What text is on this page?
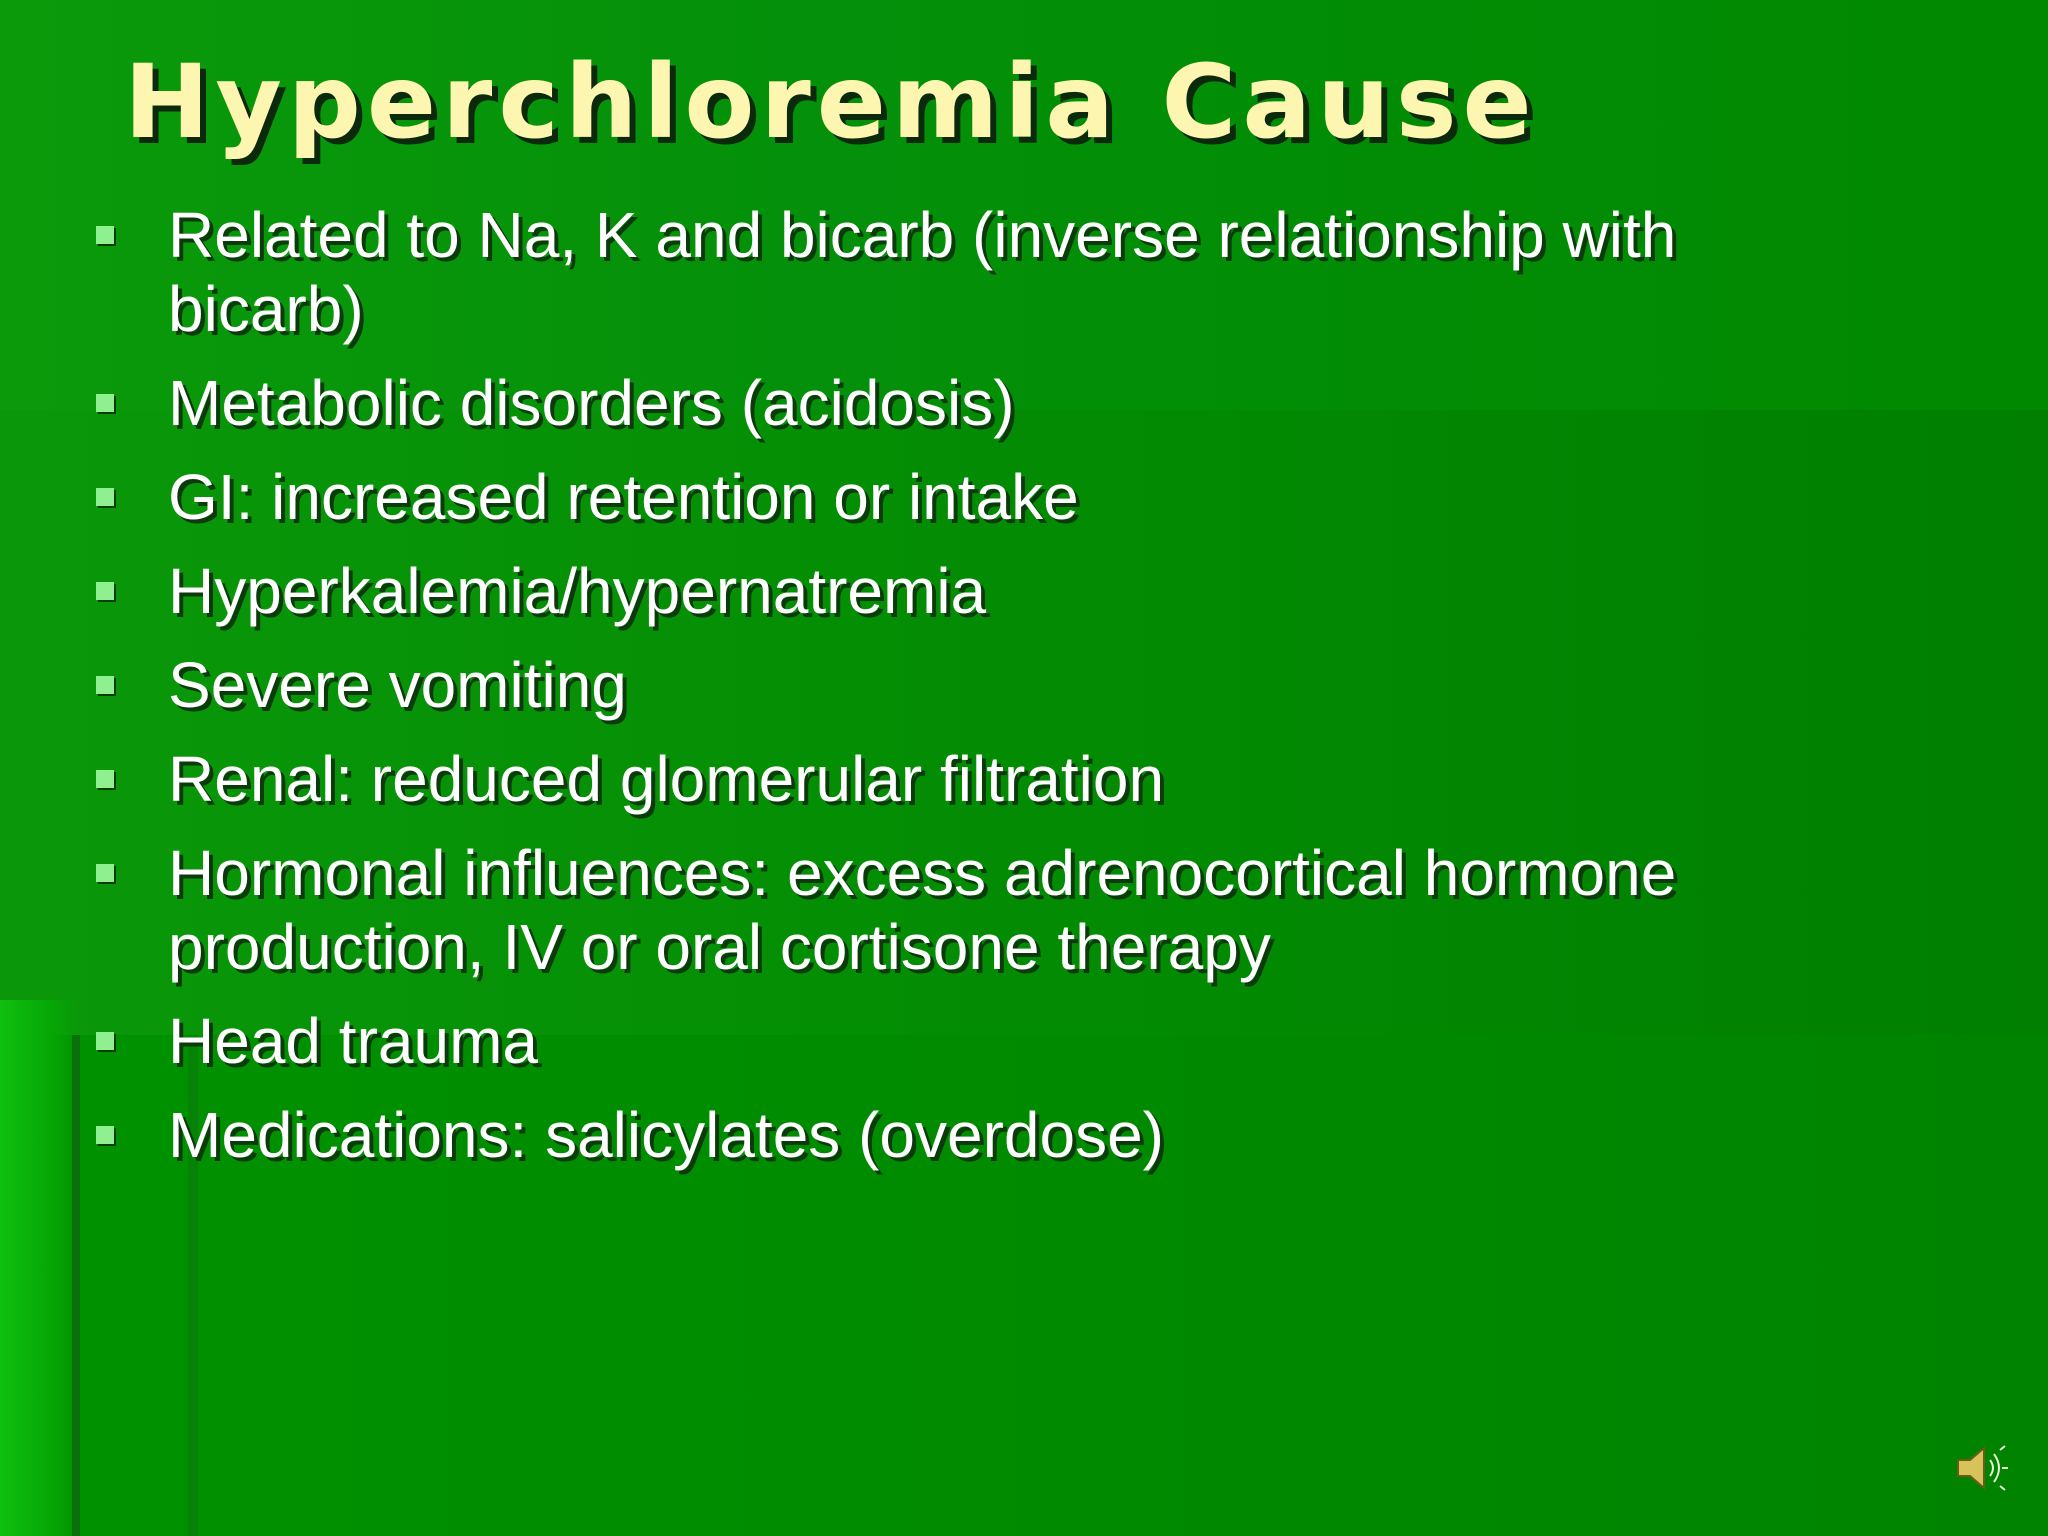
Hyperchloremia Cause
Related to Na, K and bicarb (inverse relationship with bicarb)
Metabolic disorders (acidosis)
GI: increased retention or intake
Hyperkalemia/hypernatremia
Severe vomiting
Renal: reduced glomerular filtration
Hormonal influences: excess adrenocortical hormone production, IV or oral cortisone therapy
Head trauma
Medications: salicylates (overdose)
